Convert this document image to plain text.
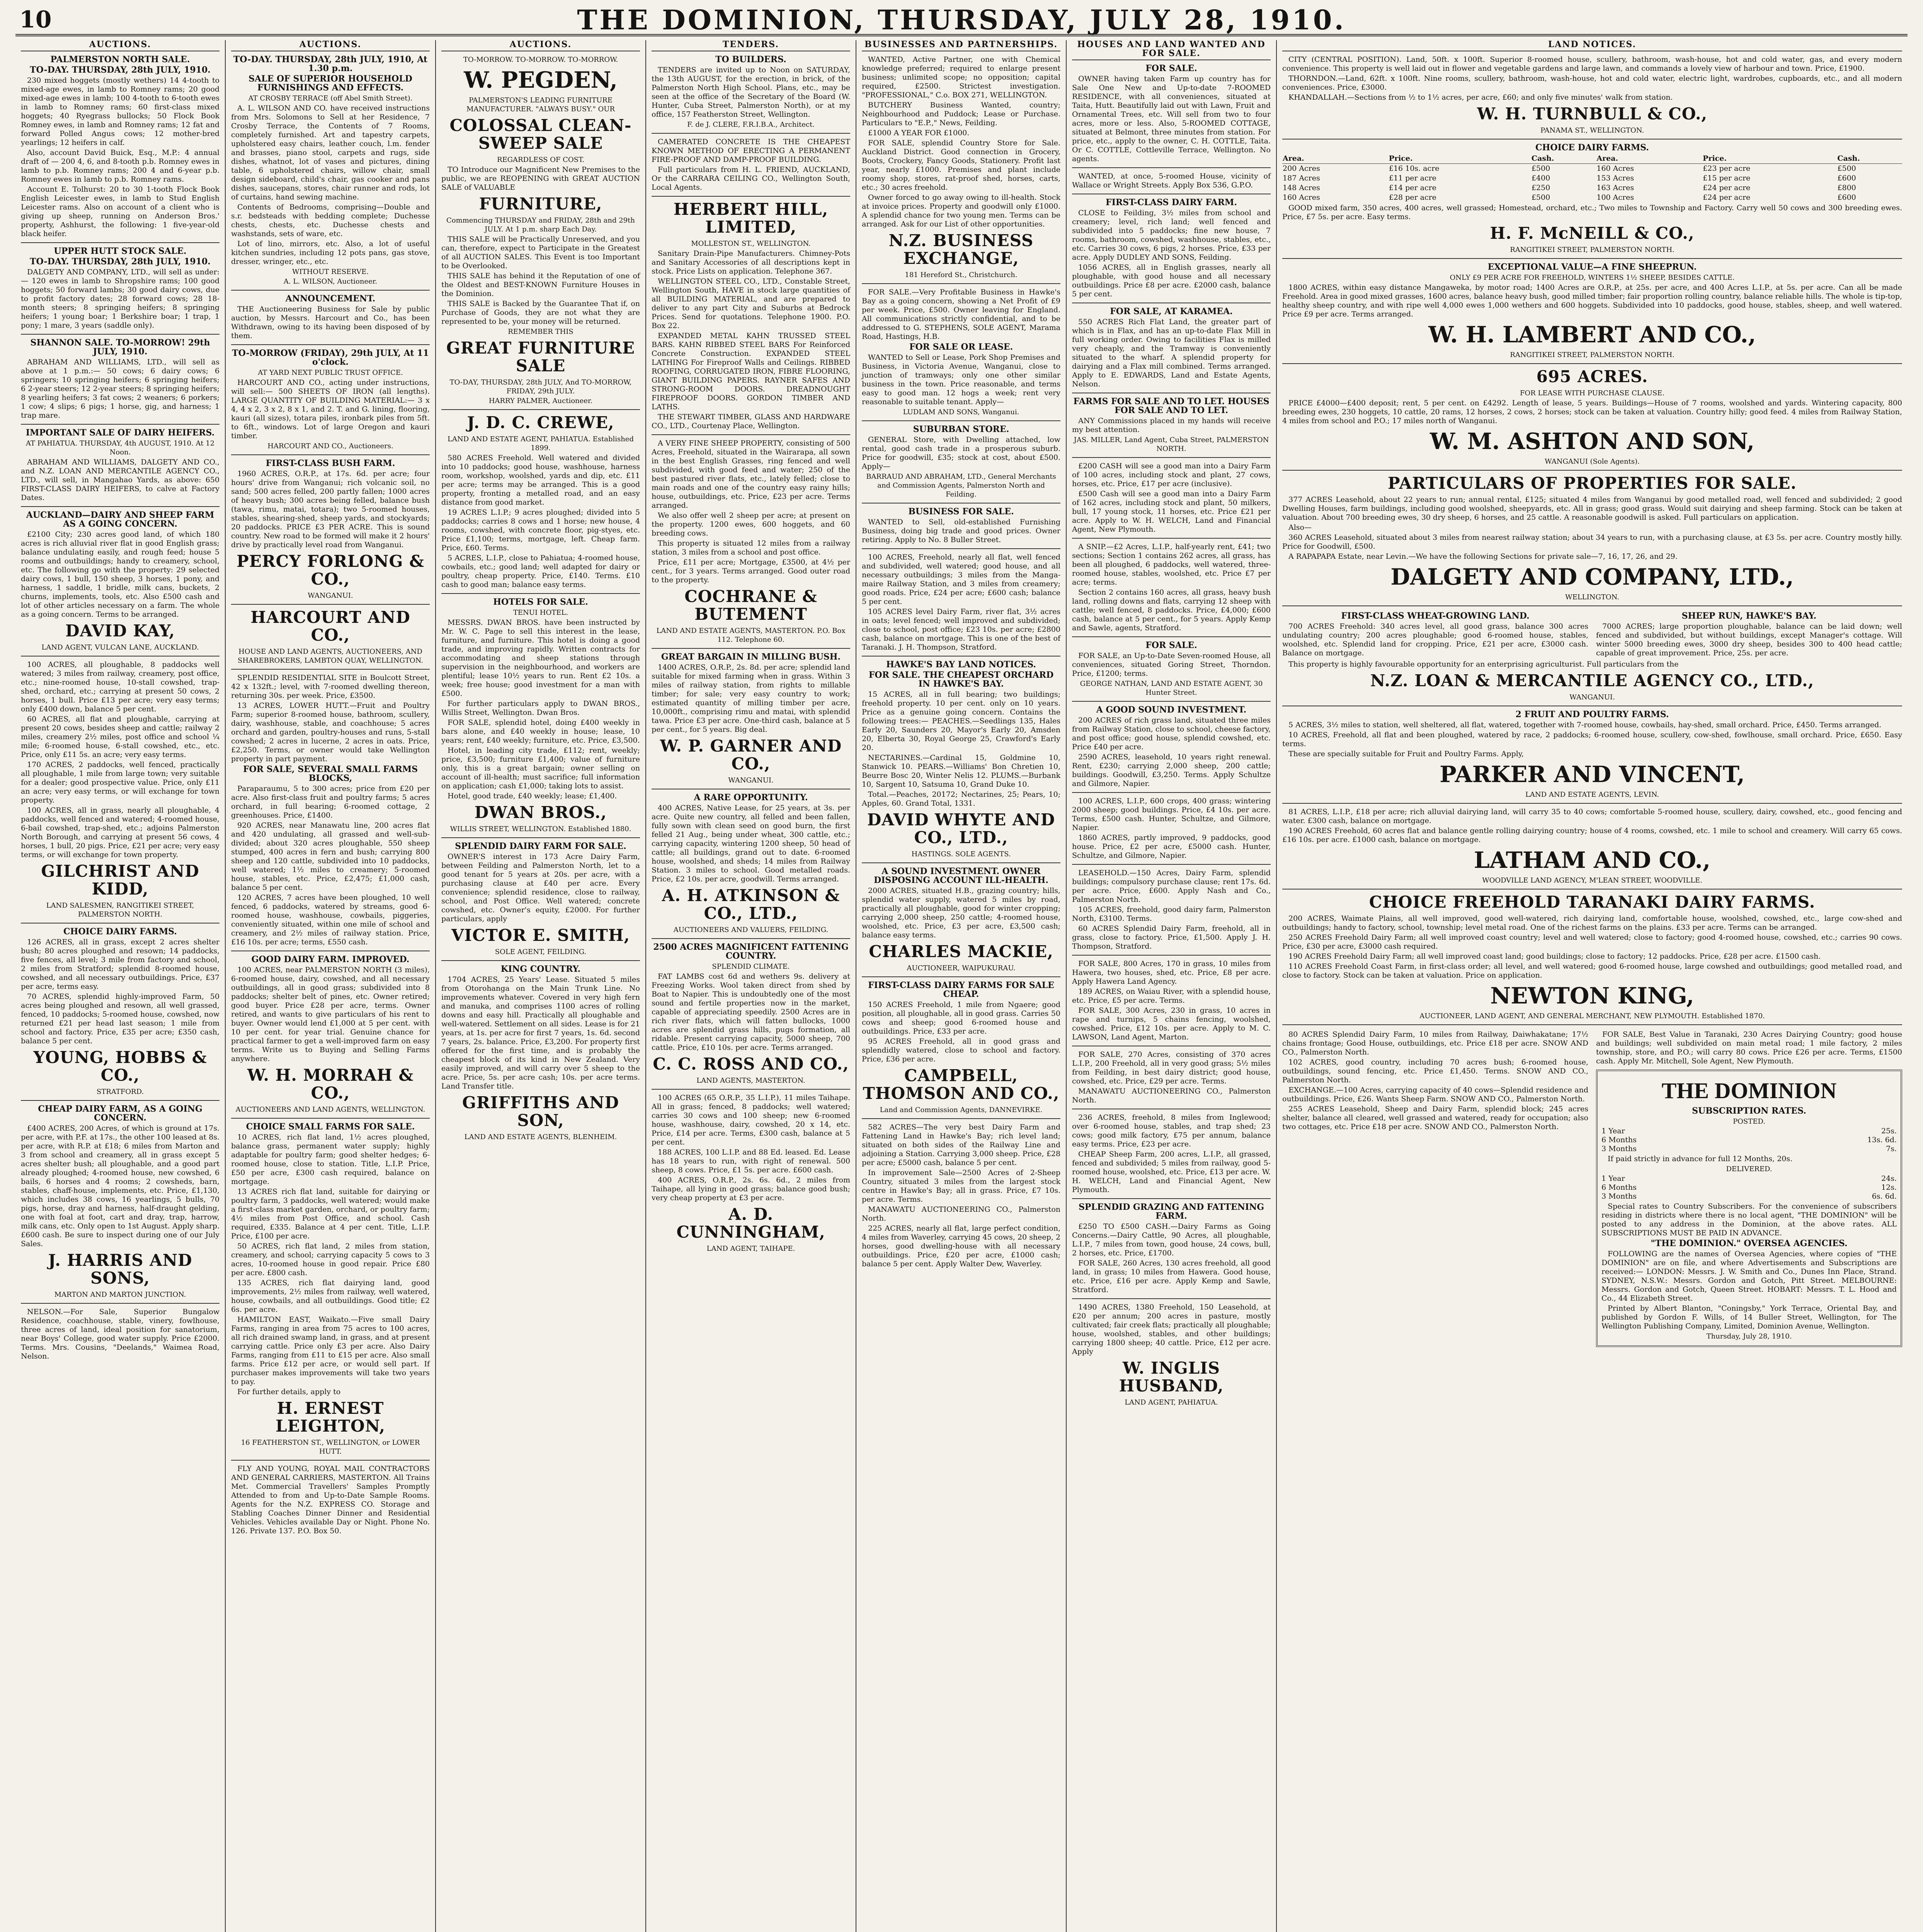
10	THE DOMINION, THURSDAY, JULY 28, 1910.
AUCTIONS.
PALMERSTON NORTH SALE.
TO-DAY. THURSDAY, 28th JULY, 1910.

230 mixed hoggets (mostly wethers) 14 4-tooth to mixed-age ewes, in lamb to Romney rams; 20 good mixed-age ewes in lamb; 100 4-tooth to 6-tooth ewes in lamb to Romney rams; 60 first-class mixed hoggets; 40 Ryegrass bullocks; 50 Flock Book Romney ewes, in lamb and Romney rams; 12 fat and forward Polled Angus cows; 12 mother-bred yearlings; 12 heifers in calf.

Also, account David Buick, Esq., M.P.: 4 annual draft of — 200 4, 6, and 8-tooth p.b. Romney ewes in lamb to p.b. Romney rams; 200 4 and 6-year p.b. Romney ewes in lamb to p.b. Romney rams.

Account E. Tolhurst: 20 to 30 1-tooth Flock Book English Leicester ewes, in lamb to Stud English Leicester rams. Also on account of a client who is giving up sheep, running on Anderson Bros.' property, Ashhurst, the following: 1 five-year-old black heifer.

UPPER HUTT STOCK SALE.
TO-DAY. THURSDAY, 28th JULY, 1910.

DALGETY AND COMPANY, LTD., will sell as under:— 120 ewes in lamb to Shropshire rams; 100 good hoggets; 50 forward lambs; 30 good dairy cows, due to profit factory dates; 28 forward cows; 28 18-month steers; 8 springing heifers; 8 springing heifers; 1 young boar; 1 Berkshire boar; 1 trap, 1 pony; 1 mare, 3 years (saddle only).

SHANNON SALE. TO-MORROW! 29th JULY, 1910.

ABRAHAM AND WILLIAMS, LTD., will sell as above at 1 p.m.:— 50 cows; 6 dairy cows; 6 springers; 10 springing heifers; 6 springing heifers; 6 2-year steers; 12 2-year steers; 8 springing heifers; 8 yearling heifers; 3 fat cows; 2 weaners; 6 porkers; 1 cow; 4 slips; 6 pigs; 1 horse, gig, and harness; 1 trap mare.

IMPORTANT SALE OF DAIRY HEIFERS.
AT PAHIATUA. THURSDAY, 4th AUGUST, 1910. At 12 Noon.

ABRAHAM AND WILLIAMS, DALGETY AND CO., and N.Z. LOAN AND MERCANTILE AGENCY CO., LTD., will sell, in Mangahao Yards, as above: 650 FIRST-CLASS DAIRY HEIFERS, to calve at Factory Dates.

AUCKLAND—DAIRY AND SHEEP FARM AS A GOING CONCERN.

£2100 City; 230 acres good land, of which 180 acres is rich alluvial river flat in good English grass; balance undulating easily, and rough feed; house 5 rooms and outbuildings; handy to creamery, school, etc. The following go with the property: 29 selected dairy cows, 1 bull, 150 sheep, 3 horses, 1 pony, and harness, 1 saddle, 1 bridle, milk cans, buckets, 2 churns, implements, tools, etc. Also £500 cash and lot of other articles necessary on a farm. The whole as a going concern. Terms to be arranged.

DAVID KAY,
LAND AGENT, VULCAN LANE, AUCKLAND.

100 ACRES, all ploughable, 8 paddocks well watered; 3 miles from railway, creamery, post office, etc.; nine-roomed house, 10-stall cowshed, trap-shed, orchard, etc.; carrying at present 50 cows, 2 horses, 1 bull. Price £13 per acre; very easy terms; only £400 down, balance 5 per cent.

60 ACRES, all flat and ploughable, carrying at present 20 cows, besides sheep and cattle; railway 2 miles, creamery 2½ miles, post office and school ¼ mile; 6-roomed house, 6-stall cowshed, etc., etc. Price, only £11 5s. an acre; very easy terms.

170 ACRES, 2 paddocks, well fenced, practically all ploughable, 1 mile from large town; very suitable for a dealer; good prospective value. Price, only £11 an acre; very easy terms, or will exchange for town property.

100 ACRES, all in grass, nearly all ploughable, 4 paddocks, well fenced and watered; 4-roomed house, 6-bail cowshed, trap-shed, etc.; adjoins Palmerston North Borough, and carrying at present 56 cows, 4 horses, 1 bull, 20 pigs. Price, £21 per acre; very easy terms, or will exchange for town property.

GILCHRIST AND KIDD,
LAND SALESMEN, RANGITIKEI STREET, PALMERSTON NORTH.
CHOICE DAIRY FARMS.

126 ACRES, all in grass, except 2 acres shelter bush; 80 acres ploughed and resown; 14 paddocks, five fences, all level; 3 mile from factory and school, 2 miles from Stratford; splendid 8-roomed house, cowshed, and all necessary outbuildings. Price, £37 per acre, terms easy.

70 ACRES, splendid highly-improved Farm, 50 acres being ploughed and resown, all well grassed, fenced, 10 paddocks; 5-roomed house, cowshed, now returned £21 per head last season; 1 mile from school and factory. Price, £35 per acre; £350 cash, balance 5 per cent.

YOUNG, HOBBS & CO.,
STRATFORD.
CHEAP DAIRY FARM, AS A GOING CONCERN.

£400 ACRES, 200 Acres, of which is ground at 17s. per acre, with P.F. at 17s., the other 100 leased at 8s. per acre, with R.P. at £18; 6 miles from Marton and 3 from school and creamery, all in grass except 5 acres shelter bush; all ploughable, and a good part already ploughed; 4-roomed house, new cowshed, 6 bails, 6 horses and 4 rooms; 2 cowsheds, barn, stables, chaff-house, implements, etc. Price, £1,130, which includes 38 cows, 16 yearlings, 5 bulls, 70 pigs, horse, dray and harness, half-draught gelding, one with foal at foot, cart and dray, trap, harrow, milk cans, etc. Only open to 1st August. Apply sharp. £600 cash. Be sure to inspect during one of our July Sales.

J. HARRIS AND SONS,
MARTON AND MARTON JUNCTION.

NELSON.—For Sale, Superior Bungalow Residence, coachhouse, stable, vinery, fowlhouse, three acres of land, ideal position for sanatorium, near Boys' College, good water supply. Price £2000. Terms. Mrs. Cousins, "Deelands," Waimea Road, Nelson.

AUCTIONS.
TO-DAY. THURSDAY, 28th JULY, 1910, At 1.30 p.m.
SALE OF SUPERIOR HOUSEHOLD FURNISHINGS AND EFFECTS.
AT CROSBY TERRACE (off Abel Smith Street).

A. L. WILSON AND CO. have received instructions from Mrs. Solomons to Sell at her Residence, 7 Crosby Terrace, the Contents of 7 Rooms, completely furnished. Art and tapestry carpets, upholstered easy chairs, leather couch, l.m. fender and brasses, piano stool, carpets and rugs, side dishes, whatnot, lot of vases and pictures, dining table, 6 upholstered chairs, willow chair, small design sideboard, child's chair, gas cooker and pans dishes, saucepans, stores, chair runner and rods, lot of curtains, hand sewing machine.

Contents of Bedrooms, comprising—Double and s.r. bedsteads with bedding complete; Duchesse chests, chests, etc. Duchesse chests and washstands, sets of ware, etc.

Lot of lino, mirrors, etc. Also, a lot of useful kitchen sundries, including 12 pots pans, gas stove, dresser, wringer, etc., etc.

WITHOUT RESERVE.
A. L. WILSON, Auctioneer.
ANNOUNCEMENT.

THE Auctioneering Business for Sale by public auction, by Messrs. Harcourt and Co., has been Withdrawn, owing to its having been disposed of by them.

TO-MORROW (FRIDAY), 29th JULY, At 11 o'clock.
AT YARD NEXT PUBLIC TRUST OFFICE.

HARCOURT AND CO., acting under instructions, will sell:— 500 SHEETS OF IRON (all lengths). LARGE QUANTITY OF BUILDING MATERIAL:— 3 x 4, 4 x 2, 3 x 2, 8 x 1, and 2. T. and G. lining, flooring, kauri (all sizes), totara piles, ironbark piles from 5ft. to 6ft., windows. Lot of large Oregon and kauri timber.

HARCOURT AND CO., Auctioneers.
FIRST-CLASS BUSH FARM.

1960 ACRES, O.R.P., at 17s. 6d. per acre; four hours' drive from Wanganui; rich volcanic soil, no sand; 500 acres felled, 200 partly fallen; 1000 acres of heavy bush; 300 acres being felled, balance bush (tawa, rimu, matai, totara); two 5-roomed houses, stables, shearing-shed, sheep yards, and stockyards; 20 paddocks. PRICE £3 PER ACRE. This is sound country. New road to be formed will make it 2 hours' drive by practically level road from Wanganui.

PERCY FORLONG & CO.,
WANGANUI.
HARCOURT AND CO.,
HOUSE AND LAND AGENTS, AUCTIONEERS, AND SHAREBROKERS, LAMBTON QUAY, WELLINGTON.

SPLENDID RESIDENTIAL SITE in Boulcott Street, 42 x 132ft.; level, with 7-roomed dwelling thereon, returning 30s. per week. Price, £3500.

13 ACRES, LOWER HUTT.—Fruit and Poultry Farm; superior 8-roomed house, bathroom, scullery, dairy, washhouse, stable, and coachhouse; 5 acres orchard and garden, poultry-houses and runs, 5-stall cowshed; 2 acres in lucerne, 2 acres in oats. Price, £2,250. Terms, or owner would take Wellington property in part payment.

FOR SALE, SEVERAL SMALL FARMS BLOCKS,

Paraparaumu, 5 to 300 acres; price from £20 per acre. Also first-class fruit and poultry farms; 5 acres orchard, in full bearing; 6-roomed cottage, 2 greenhouses. Price, £1400.

920 ACRES, near Manawatu line, 200 acres flat and 420 undulating, all grassed and well-sub-divided; about 320 acres ploughable, 550 sheep stumped, 400 acres in fern and bush; carrying 800 sheep and 120 cattle, subdivided into 10 paddocks, well watered; 1½ miles to creamery; 5-roomed house, stables, etc. Price, £2,475; £1,000 cash, balance 5 per cent.

120 ACRES, 7 acres have been ploughed, 10 well fenced, 6 paddocks, watered by streams, good 6-roomed house, washhouse, cowbails, piggeries, conveniently situated, within one mile of school and creamery, and 2½ miles of railway station. Price, £16 10s. per acre; terms, £550 cash.

GOOD DAIRY FARM. IMPROVED.

100 ACRES, near PALMERSTON NORTH (3 miles), 6-roomed house, dairy, cowshed, and all necessary outbuildings, all in good grass; subdivided into 8 paddocks; shelter belt of pines, etc. Owner retired; good buyer. Price £28 per acre, terms. Owner retired, and wants to give particulars of his rent to buyer. Owner would lend £1,000 at 5 per cent. with 10 per cent. for year trial. Genuine chance for practical farmer to get a well-improved farm on easy terms. Write us to Buying and Selling Farms anywhere.

W. H. MORRAH & CO.,
AUCTIONEERS AND LAND AGENTS, WELLINGTON.
CHOICE SMALL FARMS FOR SALE.

10 ACRES, rich flat land, 1½ acres ploughed, balance grass, permanent water supply; highly adaptable for poultry farm; good shelter hedges; 6-roomed house, close to station. Title, L.I.P. Price, £50 per acre, £300 cash required, balance on mortgage.

13 ACRES rich flat land, suitable for dairying or poultry farm, 3 paddocks, well watered; would make a first-class market garden, orchard, or poultry farm; 4½ miles from Post Office, and school. Cash required, £335. Balance at 4 per cent. Title, L.I.P. Price, £100 per acre.

50 ACRES, rich flat land, 2 miles from station, creamery, and school; carrying capacity 5 cows to 3 acres, 10-roomed house in good repair. Price £80 per acre. £800 cash.

135 ACRES, rich flat dairying land, good improvements, 2½ miles from railway, well watered, house, cowbails, and all outbuildings. Good title; £2 6s. per acre.

HAMILTON EAST, Waikato.—Five small Dairy Farms, ranging in area from 75 acres to 100 acres, all rich drained swamp land, in grass, and at present carrying cattle. Price only £3 per acre. Also Dairy Farms, ranging from £11 to £15 per acre. Also small farms. Price £12 per acre, or would sell part. If purchaser makes improvements will take two years to pay.

For further details, apply to

H. ERNEST LEIGHTON,
16 FEATHERSTON ST., WELLINGTON, or LOWER HUTT.

FLY AND YOUNG, ROYAL MAIL CONTRACTORS AND GENERAL CARRIERS, MASTERTON. All Trains Met. Commercial Travellers' Samples Promptly Attended to from and Up-to-Date Sample Rooms. Agents for the N.Z. EXPRESS CO. Storage and Stabling Coaches Dinner Dinner and Residential Vehicles. Vehicles available Day or Night. Phone No. 126. Private 137. P.O. Box 50.

AUCTIONS.
TO-MORROW. TO-MORROW. TO-MORROW.
W. PEGDEN,
PALMERSTON'S LEADING FURNITURE MANUFACTURER. "ALWAYS BUSY." OUR
COLOSSAL CLEAN-SWEEP SALE
REGARDLESS OF COST.

TO Introduce our Magnificent New Premises to the public, we are REOPENING with GREAT AUCTION SALE of VALUABLE

FURNITURE,
Commencing THURSDAY and FRIDAY, 28th and 29th JULY. At 1 p.m. sharp Each Day.

THIS SALE will be Practically Unreserved, and you can, therefore, expect to Participate in the Greatest of all AUCTION SALES. This Event is too Important to be Overlooked.

THIS SALE has behind it the Reputation of one of the Oldest and BEST-KNOWN Furniture Houses in the Dominion.

THIS SALE is Backed by the Guarantee That if, on Purchase of Goods, they are not what they are represented to be, your money will be returned.

REMEMBER THIS
GREAT FURNITURE SALE
TO-DAY, THURSDAY, 28th JULY, And TO-MORROW, FRIDAY, 29th JULY.
HARRY PALMER, Auctioneer.
J. D. C. CREWE,
LAND AND ESTATE AGENT, PAHIATUA. Established 1899.

580 ACRES Freehold. Well watered and divided into 10 paddocks; good house, washhouse, harness room, workshop, woolshed, yards and dip, etc. £11 per acre; terms may be arranged. This is a good property, fronting a metalled road, and an easy distance from good market.

19 ACRES L.I.P.; 9 acres ploughed; divided into 5 paddocks; carries 8 cows and 1 horse; new house, 4 rooms, cowshed, with concrete floor, pig-styes, etc. Price £1,100; terms, mortgage, left. Cheap farm. Price, £60. Terms.

5 ACRES, L.I.P., close to Pahiatua; 4-roomed house, cowbails, etc.; good land; well adapted for dairy or poultry, cheap property. Price, £140. Terms. £10 cash to good man; balance easy terms.

HOTELS FOR SALE.
TENUI HOTEL.

MESSRS. DWAN BROS. have been instructed by Mr. W. C. Page to sell this interest in the lease, furniture, and furniture. This hotel is doing a good trade, and improving rapidly. Written contracts for accommodating and sheep stations through supervision in the neighbourhood, and workers are plentiful; lease 10½ years to run. Rent £2 10s. a week; free house; good investment for a man with £500.

For further particulars apply to DWAN BROS., Willis Street, Wellington. Dwan Bros.

FOR SALE, splendid hotel, doing £400 weekly in bars alone, and £40 weekly in house; lease, 10 years; rent, £40 weekly; furniture, etc. Price, £3,500.

Hotel, in leading city trade, £112; rent, weekly; price, £3,500; furniture £1,400; value of furniture only, this is a great bargain; owner selling on account of ill-health; must sacrifice; full information on application; cash £1,000; taking lots to assist.

Hotel, good trade, £40 weekly; lease; £1,400.

DWAN BROS.,
WILLIS STREET, WELLINGTON. Established 1880.
SPLENDID DAIRY FARM FOR SALE.

OWNER'S interest in 173 Acre Dairy Farm, between Feilding and Palmerston North, let to a good tenant for 5 years at 20s. per acre, with a purchasing clause at £40 per acre. Every convenience; splendid residence, close to railway, school, and Post Office. Well watered; concrete cowshed, etc. Owner's equity, £2000. For further particulars, apply

VICTOR E. SMITH,
SOLE AGENT, FEILDING.
KING COUNTRY.

1704 ACRES, 25 Years' Lease. Situated 5 miles from Otorohanga on the Main Trunk Line. No improvements whatever. Covered in very high fern and manuka, and comprises 1100 acres of rolling downs and easy hill. Practically all ploughable and well-watered. Settlement on all sides. Lease is for 21 years, at 1s. per acre for first 7 years, 1s. 6d. second 7 years, 2s. balance. Price, £3,200. For property first offered for the first time, and is probably the cheapest block of its kind in New Zealand. Very easily improved, and will carry over 5 sheep to the acre. Price, 5s. per acre cash; 10s. per acre terms. Land Transfer title.

GRIFFITHS AND SON,
LAND AND ESTATE AGENTS, BLENHEIM.
TENDERS.
TO BUILDERS.

TENDERS are invited up to Noon on SATURDAY, the 13th AUGUST, for the erection, in brick, of the Palmerston North High School. Plans, etc., may be seen at the office of the Secretary of the Board (W. Hunter, Cuba Street, Palmerston North), or at my office, 157 Featherston Street, Wellington.

F. de J. CLERE, F.R.I.B.A., Architect.

CAMERATED CONCRETE IS THE CHEAPEST KNOWN METHOD OF ERECTING A PERMANENT FIRE-PROOF AND DAMP-PROOF BUILDING.

Full particulars from H. L. FRIEND, AUCKLAND, Or the CARRARA CEILING CO., Wellington South, Local Agents.

HERBERT HILL, LIMITED,
MOLLESTON ST., WELLINGTON.

Sanitary Drain-Pipe Manufacturers. Chimney-Pots and Sanitary Accessories of all descriptions kept in stock. Price Lists on application. Telephone 367.

WELLINGTON STEEL CO., LTD., Constable Street, Wellington South, HAVE in stock large quantities of all BUILDING MATERIAL, and are prepared to deliver to any part City and Suburbs at Bedrock Prices. Send for quotations. Telephone 1900. P.O. Box 22.

EXPANDED METAL KAHN TRUSSED STEEL BARS. KAHN RIBBED STEEL BARS For Reinforced Concrete Construction. EXPANDED STEEL LATHING For Fireproof Walls and Ceilings. RIBBED ROOFING, CORRUGATED IRON, FIBRE FLOORING, GIANT BUILDING PAPERS. RAYNER SAFES AND STRONG-ROOM DOORS. DREADNOUGHT FIREPROOF DOORS. GORDON TIMBER AND LATHS.

THE STEWART TIMBER, GLASS AND HARDWARE CO., LTD., Courtenay Place, Wellington.

A VERY FINE SHEEP PROPERTY, consisting of 500 Acres, Freehold, situated in the Wairarapa, all sown in the best English Grasses, ring fenced and well subdivided, with good feed and water; 250 of the best pastured river flats, etc., lately felled; close to main roads and one of the country easy rainy hills; house, outbuildings, etc. Price, £23 per acre. Terms arranged.

We also offer well 2 sheep per acre; at present on the property. 1200 ewes, 600 hoggets, and 60 breeding cows.

This property is situated 12 miles from a railway station, 3 miles from a school and post office.

Price, £11 per acre; Mortgage, £3500, at 4½ per cent., for 3 years. Terms arranged. Good outer road to the property.

COCHRANE & BUTEMENT
LAND AND ESTATE AGENTS, MASTERTON. P.O. Box 112. Telephone 60.
GREAT BARGAIN IN MILLING BUSH.

1400 ACRES, O.R.P., 2s. 8d. per acre; splendid land suitable for mixed farming when in grass. Within 3 miles of railway station, from rights to millable timber; for sale; very easy country to work; estimated quantity of milling timber per acre, 10,000ft., comprising rimu and matai, with splendid tawa. Price £3 per acre. One-third cash, balance at 5 per cent., for 5 years. Big deal.

W. P. GARNER AND CO.,
WANGANUI.
A RARE OPPORTUNITY.

400 ACRES, Native Lease, for 25 years, at 3s. per acre. Quite new country, all felled and been fallen, fully sown with clean seed on good burn, the first felled 21 Aug., being under wheat, 300 cattle, etc.; carrying capacity, wintering 1200 sheep, 50 head of cattle; all buildings, grand out to date. 6-roomed house, woolshed, and sheds; 14 miles from Railway Station. 3 miles to school. Good metalled roads. Price, £2 10s. per acre, goodwill. Terms arranged.

A. H. ATKINSON & CO., LTD.,
AUCTIONEERS AND VALUERS, FEILDING.
2500 ACRES MAGNIFICENT FATTENING COUNTRY.
SPLENDID CLIMATE.

FAT LAMBS cost 6d and wethers 9s. delivery at Freezing Works. Wool taken direct from shed by Boat to Napier. This is undoubtedly one of the most sound and fertile properties now in the market, capable of appreciating speedily. 2500 Acres are in rich river flats, which will fatten bullocks, 1000 acres are splendid grass hills, pugs formation, all ridable. Present carrying capacity, 5000 sheep, 700 cattle. Price, £10 10s. per acre. Terms arranged.

C. C. ROSS AND CO.,
LAND AGENTS, MASTERTON.

100 ACRES (65 O.R.P., 35 L.I.P.), 11 miles Taihape. All in grass; fenced, 8 paddocks; well watered; carries 30 cows and 100 sheep; new 6-roomed house, washhouse, dairy, cowshed, 20 x 14, etc. Price, £14 per acre. Terms, £300 cash, balance at 5 per cent.

188 ACRES, 100 L.I.P. and 88 Ed. leased. Ed. Lease has 18 years to run, with right of renewal. 500 sheep, 8 cows. Price, £1 5s. per acre. £600 cash.

400 ACRES, O.R.P., 2s. 6s. 6d., 2 miles from Taihape, all lying in good grass; balance good bush; very cheap property at £3 per acre.

A. D. CUNNINGHAM,
LAND AGENT, TAIHAPE.
BUSINESSES AND PARTNERSHIPS.

WANTED, Active Partner, one with Chemical knowledge preferred; required to enlarge present business; unlimited scope; no opposition; capital required, £2500. Strictest investigation. "PROFESSIONAL," C.o. BOX 271, WELLINGTON.

BUTCHERY Business Wanted, country; Neighbourhood and Puddock; Lease or Purchase. Particulars to "E.P.," News, Feilding.

£1000 A YEAR FOR £1000.

FOR SALE, splendid Country Store for Sale. Auckland District. Good connection in Grocery, Boots, Crockery, Fancy Goods, Stationery. Profit last year, nearly £1000. Premises and plant include roomy shop, stores, rat-proof shed, horses, carts, etc.; 30 acres freehold.

Owner forced to go away owing to ill-health. Stock at invoice prices. Property and goodwill only £1000. A splendid chance for two young men. Terms can be arranged. Ask for our List of other opportunities.

N.Z. BUSINESS EXCHANGE,
181 Hereford St., Christchurch.

FOR SALE.—Very Profitable Business in Hawke's Bay as a going concern, showing a Net Profit of £9 per week. Price, £500. Owner leaving for England. All communications strictly confidential, and to be addressed to G. STEPHENS, SOLE AGENT, Marama Road, Hastings, H.B.

FOR SALE OR LEASE.

WANTED to Sell or Lease, Pork Shop Premises and Business, in Victoria Avenue, Wanganui, close to junction of tramways; only one other similar business in the town. Price reasonable, and terms easy to good man. 12 hogs a week; rent very reasonable to suitable tenant. Apply—

LUDLAM AND SONS, Wanganui.
SUBURBAN STORE.

GENERAL Store, with Dwelling attached, low rental, good cash trade in a prosperous suburb. Price for goodwill, £35; stock at cost, about £500. Apply—

BARRAUD AND ABRAHAM, LTD., General Merchants and Commission Agents, Palmerston North and Feilding.
BUSINESS FOR SALE.

WANTED to Sell, old-established Furnishing Business, doing big trade and good prices. Owner retiring. Apply to No. 8 Buller Street.

100 ACRES, Freehold, nearly all flat, well fenced and subdivided, well watered; good house, and all necessary outbuildings; 3 miles from the Manga-maire Railway Station, and 3 miles from creamery; good roads. Price, £24 per acre; £600 cash; balance 5 per cent.

105 ACRES level Dairy Farm, river flat, 3½ acres in oats; level fenced; well improved and subdivided; close to school, post office; £23 10s. per acre; £2800 cash, balance on mortgage. This is one of the best of Taranaki. J. H. Thompson, Stratford.

HAWKE'S BAY LAND NOTICES.
FOR SALE. THE CHEAPEST ORCHARD IN HAWKE'S BAY.

15 ACRES, all in full bearing; two buildings; freehold property. 10 per cent. only on 10 years. Price as a genuine going concern. Contains the following trees:— PEACHES.—Seedlings 135, Hales Early 20, Saunders 20, Mayor's Early 20, Amsden 20, Elberta 30, Royal George 25, Crawford's Early 20.

NECTARINES.—Cardinal 15, Goldmine 10, Stanwick 10. PEARS.—Williams' Bon Chretien 10, Beurre Bosc 20, Winter Nelis 12. PLUMS.—Burbank 10, Sargent 10, Satsuma 10, Grand Duke 10.

Total.—Peaches, 20172; Nectarines, 25; Pears, 10; Apples, 60. Grand Total, 1331.

DAVID WHYTE AND CO., LTD.,
HASTINGS. SOLE AGENTS.
A SOUND INVESTMENT. OWNER DISPOSING ACCOUNT ILL-HEALTH.

2000 ACRES, situated H.B., grazing country; hills, splendid water supply, watered 5 miles by road, practically all ploughable, good for winter cropping; carrying 2,000 sheep, 250 cattle; 4-roomed house, woolshed, etc. Price, £3 per acre, £3,500 cash; balance easy terms.

CHARLES MACKIE,
AUCTIONEER, WAIPUKURAU.
FIRST-CLASS DAIRY FARMS FOR SALE CHEAP.

150 ACRES Freehold, 1 mile from Ngaere; good position, all ploughable, all in good grass. Carries 50 cows and sheep; good 6-roomed house and outbuildings. Price, £33 per acre.

95 ACRES Freehold, all in good grass and splendidly watered, close to school and factory. Price, £36 per acre.

CAMPBELL, THOMSON AND CO.,
Land and Commission Agents, DANNEVIRKE.

582 ACRES—The very best Dairy Farm and Fattening Land in Hawke's Bay; rich level land; situated on both sides of the Railway Line and adjoining a Station. Carrying 3,000 sheep. Price, £28 per acre; £5000 cash, balance 5 per cent.

In improvement Sale—2500 Acres of 2-Sheep Country, situated 3 miles from the largest stock centre in Hawke's Bay; all in grass. Price, £7 10s. per acre. Terms.

MANAWATU AUCTIONEERING CO., Palmerston North.

225 ACRES, nearly all flat, large perfect condition, 4 miles from Waverley, carrying 45 cows, 20 sheep, 2 horses, good dwelling-house with all necessary outbuildings. Price, £20 per acre, £1000 cash; balance 5 per cent. Apply Walter Dew, Waverley.

HOUSES AND LAND WANTED AND FOR SALE.
FOR SALE.

OWNER having taken Farm up country has for Sale One New and Up-to-date 7-ROOMED RESIDENCE, with all conveniences, situated at Taita, Hutt. Beautifully laid out with Lawn, Fruit and Ornamental Trees, etc. Will sell from two to four acres, more or less. Also, 5-ROOMED COTTAGE, situated at Belmont, three minutes from station. For price, etc., apply to the owner, C. H. COTTLE, Taita. Or C. COTTLE, Cottleville Terrace, Wellington. No agents.

WANTED, at once, 5-roomed House, vicinity of Wallace or Wright Streets. Apply Box 536, G.P.O.

FIRST-CLASS DAIRY FARM.

CLOSE to Feilding, 3½ miles from school and creamery; level, rich land; well fenced and subdivided into 5 paddocks; fine new house, 7 rooms, bathroom, cowshed, washhouse, stables, etc., etc. Carries 30 cows, 6 pigs, 2 horses. Price, £33 per acre. Apply DUDLEY AND SONS, Feilding.

1056 ACRES, all in English grasses, nearly all ploughable, with good house and all necessary outbuildings. Price £8 per acre. £2000 cash, balance 5 per cent.

FOR SALE, AT KARAMEA.

550 ACRES Rich Flat Land, the greater part of which is in Flax, and has an up-to-date Flax Mill in full working order. Owing to facilities Flax is milled very cheaply, and the Tramway is conveniently situated to the wharf. A splendid property for dairying and a Flax mill combined. Terms arranged. Apply to E. EDWARDS, Land and Estate Agents, Nelson.

FARMS FOR SALE AND TO LET. HOUSES FOR SALE AND TO LET.

ANY Commissions placed in my hands will receive my best attention.

JAS. MILLER, Land Agent, Cuba Street, PALMERSTON NORTH.

£200 CASH will see a good man into a Dairy Farm of 100 acres, including stock and plant, 27 cows, horses, etc. Price, £17 per acre (inclusive).

£500 Cash will see a good man into a Dairy Farm of 162 acres, including stock and plant, 50 milkers, bull, 17 young stock, 11 horses, etc. Price £21 per acre. Apply to W. H. WELCH, Land and Financial Agent, New Plymouth.

A SNIP.—£2 Acres, L.I.P., half-yearly rent, £41; two sections; Section 1 contains 262 acres, all grass, has been all ploughed, 6 paddocks, well watered, three-roomed house, stables, woolshed, etc. Price £7 per acre; terms.

Section 2 contains 160 acres, all grass, heavy bush land, rolling downs and flats, carrying 12 sheep with cattle; well fenced, 8 paddocks. Price, £4,000; £600 cash, balance at 5 per cent., for 5 years. Apply Kemp and Sawle, agents, Stratford.

FOR SALE.

FOR SALE, an Up-to-Date Seven-roomed House, all conveniences, situated Goring Street, Thorndon. Price, £1200; terms.

GEORGE NATHAN, LAND AND ESTATE AGENT, 30 Hunter Street.
A GOOD SOUND INVESTMENT.

200 ACRES of rich grass land, situated three miles from Railway Station, close to school, cheese factory, and post office; good house, splendid cowshed, etc. Price £40 per acre.

2590 ACRES, leasehold, 10 years right renewal. Rent, £230; carrying 2,000 sheep, 200 cattle; buildings. Goodwill, £3,250. Terms. Apply Schultze and Gilmore, Napier.

100 ACRES, L.I.P., 600 crops, 400 grass; wintering 2000 sheep; good buildings. Price, £4 10s. per acre. Terms, £500 cash. Hunter, Schultze, and Gilmore, Napier.

1860 ACRES, partly improved, 9 paddocks, good house. Price, £2 per acre, £5000 cash. Hunter, Schultze, and Gilmore, Napier.

LEASEHOLD.—150 Acres, Dairy Farm, splendid buildings; compulsory purchase clause; rent 17s. 6d. per acre. Price, £600. Apply Nash and Co., Palmerston North.

105 ACRES, freehold, good dairy farm, Palmerston North, £3100. Terms.

60 ACRES Splendid Dairy Farm, freehold, all in grass, close to factory. Price, £1,500. Apply J. H. Thompson, Stratford.

FOR SALE, 800 Acres, 170 in grass, 10 miles from Hawera, two houses, shed, etc. Price, £8 per acre. Apply Hawera Land Agency.

189 ACRES, on Waiau River, with a splendid house, etc. Price, £5 per acre. Terms.

FOR SALE, 300 Acres, 230 in grass, 10 acres in rape and turnips, 5 chains fencing, woolshed, cowshed. Price, £12 10s. per acre. Apply to M. C. LAWSON, Land Agent, Marton.

FOR SALE, 270 Acres, consisting of 370 acres L.I.P., 200 Freehold, all in very good grass; 5½ miles from Feilding, in best dairy district; good house, cowshed, etc. Price, £29 per acre. Terms.

MANAWATU AUCTIONEERING CO., Palmerston North.

236 ACRES, freehold, 8 miles from Inglewood; over 6-roomed house, stables, and trap shed; 23 cows; good milk factory, £75 per annum, balance easy terms. Price, £23 per acre.

CHEAP Sheep Farm, 200 acres, L.I.P., all grassed, fenced and subdivided; 5 miles from railway, good 5-roomed house, woolshed, etc. Price, £13 per acre. W. H. WELCH, Land and Financial Agent, New Plymouth.

SPLENDID GRAZING AND FATTENING FARM.

£250 TO £500 CASH.—Dairy Farms as Going Concerns.—Dairy Cattle, 90 Acres, all ploughable, L.I.P., 7 miles from town, good house, 24 cows, bull, 2 horses, etc. Price, £1700.

FOR SALE, 260 Acres, 130 acres freehold, all good land, in grass; 10 miles from Hawera. Good house, etc. Price, £16 per acre. Apply Kemp and Sawle, Stratford.

1490 ACRES, 1380 Freehold, 150 Leasehold, at £20 per annum; 200 acres in pasture, mostly cultivated; fair creek flats; practically all ploughable; house, woolshed, stables, and other buildings; carrying 1800 sheep; 40 cattle. Price, £12 per acre. Apply

W. INGLIS HUSBAND,
LAND AGENT, PAHIATUA.
LAND NOTICES.

CITY (CENTRAL POSITION). Land, 50ft. x 100ft. Superior 8-roomed house, scullery, bathroom, wash-house, hot and cold water, gas, and every modern convenience. This property is well laid out in flower and vegetable gardens and large lawn, and commands a lovely view of harbour and town. Price, £1900.

THORNDON.—Land, 62ft. x 100ft. Nine rooms, scullery, bathroom, wash-house, hot and cold water, electric light, wardrobes, cupboards, etc., and all modern conveniences. Price, £3000.

KHANDALLAH.—Sections from ½ to 1½ acres, per acre, £60; and only five minutes' walk from station.

W. H. TURNBULL & CO.,
PANAMA ST., WELLINGTON.
CHOICE DAIRY FARMS.
Area.	Price.	Cash.	Area.	Price.	Cash.
200 Acres	£16 10s. acre	£500	160 Acres	£23 per acre	£500
187 Acres	£11 per acre	£400	153 Acres	£15 per acre	£600
148 Acres	£14 per acre	£250	163 Acres	£24 per acre	£800
160 Acres	£28 per acre	£500	100 Acres	£24 per acre	£600

GOOD mixed farm, 350 acres, 400 acres, well grassed; Homestead, orchard, etc.; Two miles to Township and Factory. Carry well 50 cows and 300 breeding ewes. Price, £7 5s. per acre. Easy terms.

H. F. McNEILL & CO.,
RANGITIKEI STREET, PALMERSTON NORTH.
EXCEPTIONAL VALUE—A FINE SHEEPRUN.
ONLY £9 PER ACRE FOR FREEHOLD, WINTERS 1½ SHEEP, BESIDES CATTLE.

1800 ACRES, within easy distance Mangaweka, by motor road; 1400 Acres are O.R.P., at 25s. per acre, and 400 Acres L.I.P., at 5s. per acre. Can all be made Freehold. Area in good mixed grasses, 1600 acres, balance heavy bush, good milled timber; fair proportion rolling country, balance reliable hills. The whole is tip-top, healthy sheep country, and with ripe well 4,000 ewes 1,000 wethers and 600 hoggets. Subdivided into 10 paddocks, good house, stables, sheep, and well watered. Price £9 per acre. Terms arranged.

W. H. LAMBERT AND CO.,
RANGITIKEI STREET, PALMERSTON NORTH.
695 ACRES.
FOR LEASE WITH PURCHASE CLAUSE.

PRICE £4000—£400 deposit; rent, 5 per cent. on £4292. Length of lease, 5 years. Buildings—House of 7 rooms, woolshed and yards. Wintering capacity, 800 breeding ewes, 230 hoggets, 10 cattle, 20 rams, 12 horses, 2 cows, 2 horses; stock can be taken at valuation. Country hilly; good feed. 4 miles from Railway Station, 4 miles from school and P.O.; 17 miles north of Wanganui.

W. M. ASHTON AND SON,
WANGANUI (Sole Agents).
PARTICULARS OF PROPERTIES FOR SALE.

377 ACRES Leasehold, about 22 years to run; annual rental, £125; situated 4 miles from Wanganui by good metalled road, well fenced and subdivided; 2 good Dwelling Houses, farm buildings, including good woolshed, sheepyards, etc. All in grass; good grass. Would suit dairying and sheep farming. Stock can be taken at valuation. About 700 breeding ewes, 30 dry sheep, 6 horses, and 25 cattle. A reasonable goodwill is asked. Full particulars on application.

Also—

360 ACRES Leasehold, situated about 3 miles from nearest railway station; about 34 years to run, with a purchasing clause, at £3 5s. per acre. Country mostly hilly. Price for Goodwill, £500.

A RAPAPAPA Estate, near Levin.—We have the following Sections for private sale—7, 16, 17, 26, and 29.

DALGETY AND COMPANY, LTD.,
WELLINGTON.
FIRST-CLASS WHEAT-GROWING LAND.

700 ACRES Freehold: 340 acres level, all good grass, balance 300 acres undulating country; 200 acres ploughable; good 6-roomed house, stables, woolshed, etc. Splendid land for cropping. Price, £21 per acre, £3000 cash. Balance on mortgage.

SHEEP RUN, HAWKE'S BAY.

7000 ACRES; large proportion ploughable, balance can be laid down; well fenced and subdivided, but without buildings, except Manager's cottage. Will winter 5000 breeding ewes, 3000 dry sheep, besides 300 to 400 head cattle; capable of great improvement. Price, 25s. per acre.

This property is highly favourable opportunity for an enterprising agriculturist. Full particulars from the

N.Z. LOAN & MERCANTILE AGENCY CO., LTD.,
WANGANUI.
2 FRUIT AND POULTRY FARMS.

5 ACRES, 3½ miles to station, well sheltered, all flat, watered, together with 7-roomed house, cowbails, hay-shed, small orchard. Price, £450. Terms arranged.

10 ACRES, Freehold, all flat and been ploughed, watered by race, 2 paddocks; 6-roomed house, scullery, cow-shed, fowlhouse, small orchard. Price, £650. Easy terms.

These are specially suitable for Fruit and Poultry Farms. Apply,

PARKER AND VINCENT,
LAND AND ESTATE AGENTS, LEVIN.

81 ACRES, L.I.P., £18 per acre; rich alluvial dairying land, will carry 35 to 40 cows; comfortable 5-roomed house, scullery, dairy, cowshed, etc., good fencing and water. £300 cash, balance on mortgage.

190 ACRES Freehold, 60 acres flat and balance gentle rolling dairying country; house of 4 rooms, cowshed, etc. 1 mile to school and creamery. Will carry 65 cows. £16 10s. per acre. £1000 cash, balance on mortgage.

LATHAM AND CO.,
WOODVILLE LAND AGENCY, M'LEAN STREET, WOODVILLE.
CHOICE FREEHOLD TARANAKI DAIRY FARMS.

200 ACRES, Waimate Plains, all well improved, good well-watered, rich dairying land, comfortable house, woolshed, cowshed, etc., large cow-shed and outbuildings; handy to factory, school, township; level metal road. One of the richest farms on the plains. £33 per acre. Terms can be arranged.

250 ACRES Freehold Dairy Farm; all well improved coast country; level and well watered; close to factory; good 4-roomed house, cowshed, etc.; carries 90 cows. Price, £30 per acre, £3000 cash required.

190 ACRES Freehold Dairy Farm; all well improved coast land; good buildings; close to factory; 12 paddocks. Price, £28 per acre. £1500 cash.

110 ACRES Freehold Coast Farm, in first-class order; all level, and well watered; good 6-roomed house, large cowshed and outbuildings; good metalled road, and close to factory. Stock can be taken at valuation. Price on application.

NEWTON KING,
AUCTIONEER, LAND AGENT, AND GENERAL MERCHANT, NEW PLYMOUTH. Established 1870.

80 ACRES Splendid Dairy Farm, 10 miles from Railway, Daiwhakatane; 17½ chains frontage; Good House, outbuildings, etc. Price £18 per acre. SNOW AND CO., Palmerston North.

102 ACRES, good country, including 70 acres bush; 6-roomed house, outbuildings, sound fencing, etc. Price £1,450. Terms. SNOW AND CO., Palmerston North.

EXCHANGE.—100 Acres, carrying capacity of 40 cows—Splendid residence and outbuildings. Price, £26. Wants Sheep Farm. SNOW AND CO., Palmerston North.

255 ACRES Leasehold, Sheep and Dairy Farm, splendid block; 245 acres shelter, balance all cleared, well grassed and watered, ready for occupation; also two cottages, etc. Price £18 per acre. SNOW AND CO., Palmerston North.

FOR SALE, Best Value in Taranaki, 230 Acres Dairying Country; good house and buildings; well subdivided on main metal road; 1 mile factory, 2 miles township, store, and P.O.; will carry 80 cows. Price £26 per acre. Terms, £1500 cash. Apply Mr. Mitchell, Sole Agent, New Plymouth.

THE DOMINION
SUBSCRIPTION RATES.
POSTED.
1 Year	25s.
6 Months	13s. 6d.
3 Months	7s.

If paid strictly in advance for full 12 Months, 20s.

DELIVERED.
1 Year	24s.
6 Months	12s.
3 Months	6s. 6d.

Special rates to Country Subscribers. For the convenience of subscribers residing in districts where there is no local agent, "THE DOMINION" will be posted to any address in the Dominion, at the above rates. ALL SUBSCRIPTIONS MUST BE PAID IN ADVANCE.

"THE DOMINION." OVERSEA AGENCIES.

FOLLOWING are the names of Oversea Agencies, where copies of "THE DOMINION" are on file, and where Advertisements and Subscriptions are received:— LONDON: Messrs. J. W. Smith and Co., Dunes Inn Place, Strand. SYDNEY, N.S.W.: Messrs. Gordon and Gotch, Pitt Street. MELBOURNE: Messrs. Gordon and Gotch, Queen Street. HOBART: Messrs. T. L. Hood and Co., 44 Elizabeth Street.

Printed by Albert Blanton, "Coningsby," York Terrace, Oriental Bay, and published by Gordon F. Wills, of 14 Buller Street, Wellington, for The Wellington Publishing Company, Limited, Dominion Avenue, Wellington.

Thursday, July 28, 1910.
